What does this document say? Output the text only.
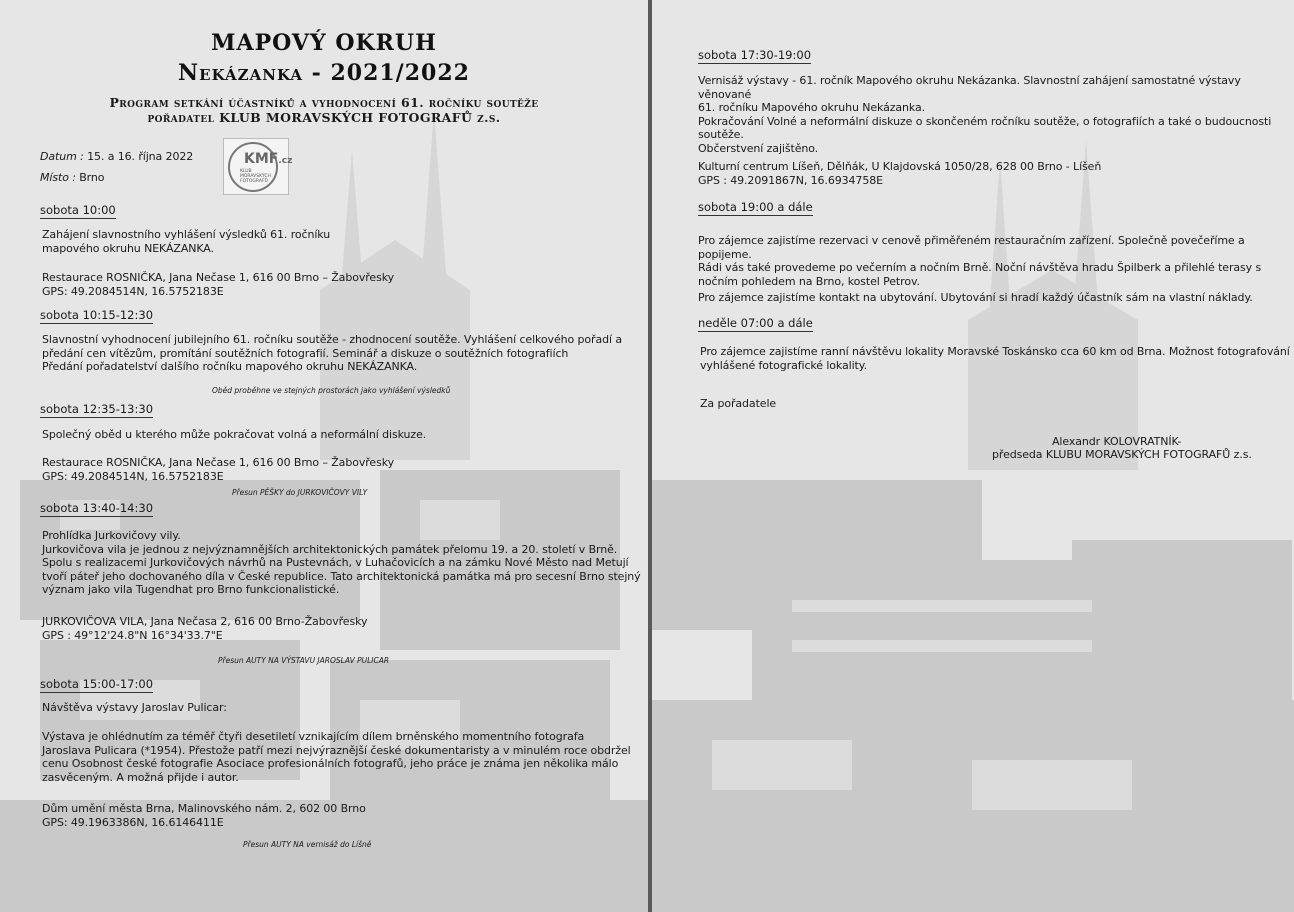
MAPOVÝ OKRUH
Nekázanka - 2021/2022
Program setkání účastníků a vyhodnocení 61. ročníku soutěže
pořadatel KLUB MORAVSKÝCH FOTOGRAFŮ z.s.
Datum : 15. a 16. října 2022
Místo : Brno
KMF.cz
KLUB MORAVSKÝCH
FOTOGRAFŮ
sobota 10:00
Zahájení slavnostního vyhlášení výsledků 61. ročníku
mapového okruhu NEKÁZANKA.
Restaurace ROSNIČKA, Jana Nečase 1, 616 00 Brno – Žabovřesky
GPS: 49.2084514N, 16.5752183E
sobota 10:15-12:30
Slavnostní vyhodnocení jubilejního 61. ročníku soutěže - zhodnocení soutěže. Vyhlášení celkového pořadí a
předání cen vítězům, promítání soutěžních fotografií. Seminář a diskuze o soutěžních fotografiích
Předání pořadatelství dalšího ročníku mapového okruhu NEKÁZANKA.
Oběd proběhne ve stejných prostorách jako vyhlášení výsledků
sobota 12:35-13:30
Společný oběd u kterého může pokračovat volná a neformální diskuze.
Restaurace ROSNIČKA, Jana Nečase 1, 616 00 Brno – Žabovřesky
GPS: 49.2084514N, 16.5752183E
Přesun PĚŠKY do JURKOVIČOVY VILY
sobota 13:40-14:30
Prohlídka Jurkovičovy vily.
Jurkovičova vila je jednou z nejvýznamnějších architektonických památek přelomu 19. a 20. století v Brně.
Spolu s realizacemi Jurkovičových návrhů na Pustevnách, v Luhačovicích a na zámku Nové Město nad Metují
tvoří páteř jeho dochovaného díla v České republice. Tato architektonická památka má pro secesní Brno stejný
význam jako vila Tugendhat pro Brno funkcionalistické.
JURKOVIČOVA VILA, Jana Nečasa 2, 616 00 Brno-Žabovřesky
GPS : 49°12'24.8"N 16°34'33.7"E
Přesun AUTY NA VÝSTAVU JAROSLAV PULICAR
sobota 15:00-17:00
Návštěva výstavy Jaroslav Pulicar:
Výstava je ohlédnutím za téměř čtyři desetiletí vznikajícím dílem brněnského momentního fotografa
Jaroslava Pulicara (*1954). Přestože patří mezi nejvýraznější české dokumentaristy a v minulém roce obdržel
cenu Osobnost české fotografie Asociace profesionálních fotografů, jeho práce je známa jen několika málo
zasvěceným. A možná přijde i autor.
Dům umění města Brna, Malinovského nám. 2, 602 00 Brno
GPS: 49.1963386N, 16.6146411E
Přesun AUTY NA vernisáž do Líšně
sobota 17:30-19:00
Vernisáž výstavy - 61. ročník Mapového okruhu Nekázanka. Slavnostní zahájení samostatné výstavy věnované
61. ročníku Mapového okruhu Nekázanka.
Pokračování Volné a neformální diskuze o skončeném ročníku soutěže, o fotografiích a také o budoucnosti
soutěže.
Občerstvení zajištěno.
Kulturní centrum Líšeň, Dělňák, U Klajdovská 1050/28, 628 00 Brno - Líšeň
GPS : 49.2091867N, 16.6934758E
sobota 19:00 a dále
Pro zájemce zajistíme rezervaci v cenově přiměřeném restauračním zařízení. Společně povečeříme a popijeme.
Rádi vás také provedeme po večerním a nočním Brně. Noční návštěva hradu Špilberk a přilehlé terasy s
nočním pohledem na Brno, kostel Petrov.
Pro zájemce zajistíme kontakt na ubytování. Ubytování si hradí každý účastník sám na vlastní náklady.
neděle 07:00 a dále
Pro zájemce zajistíme ranní návštěvu lokality Moravské Toskánsko cca 60 km od Brna. Možnost fotografování
vyhlášené fotografické lokality.
Za pořadatele
Alexandr KOLOVRATNÍK-
předseda KLUBU MORAVSKÝCH FOTOGRAFŮ z.s.
